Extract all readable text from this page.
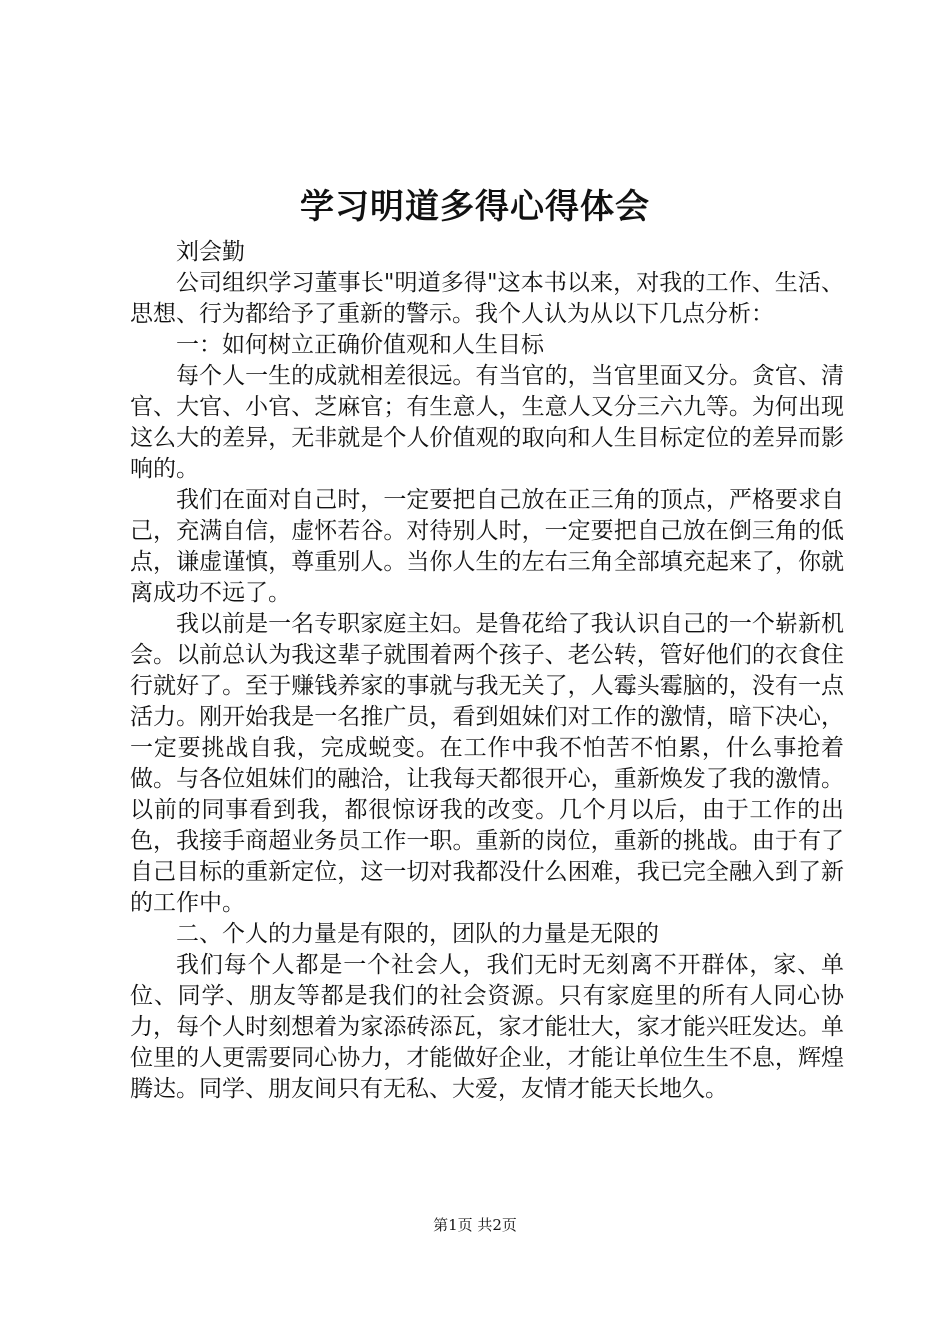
学习明道多得心得体会

刘会勤

公司组织学习董事长"明道多得"这本书以来，对我的工作、生活、思想、行为都给予了重新的警示。我个人认为从以下几点分析：

一：如何树立正确价值观和人生目标

每个人一生的成就相差很远。有当官的，当官里面又分。贪官、清官、大官、小官、芝麻官；有生意人，生意人又分三六九等。为何出现这么大的差异，无非就是个人价值观的取向和人生目标定位的差异而影响的。

我们在面对自己时，一定要把自己放在正三角的顶点，严格要求自己，充满自信，虚怀若谷。对待别人时，一定要把自己放在倒三角的低点，谦虚谨慎，尊重别人。当你人生的左右三角全部填充起来了，你就离成功不远了。

我以前是一名专职家庭主妇。是鲁花给了我认识自己的一个崭新机会。以前总认为我这辈子就围着两个孩子、老公转，管好他们的衣食住行就好了。至于赚钱养家的事就与我无关了，人霉头霉脑的，没有一点活力。刚开始我是一名推广员，看到姐妹们对工作的激情，暗下决心，一定要挑战自我，完成蜕变。在工作中我不怕苦不怕累，什么事抢着做。与各位姐妹们的融洽，让我每天都很开心，重新焕发了我的激情。以前的同事看到我，都很惊讶我的改变。几个月以后，由于工作的出色，我接手商超业务员工作一职。重新的岗位，重新的挑战。由于有了自己目标的重新定位，这一切对我都没什么困难，我已完全融入到了新的工作中。

二、个人的力量是有限的，团队的力量是无限的

我们每个人都是一个社会人，我们无时无刻离不开群体，家、单位、同学、朋友等都是我们的社会资源。只有家庭里的所有人同心协力，每个人时刻想着为家添砖添瓦，家才能壮大，家才能兴旺发达。单位里的人更需要同心协力，才能做好企业，才能让单位生生不息，辉煌腾达。同学、朋友间只有无私、大爱，友情才能天长地久。

第1页 共2页
